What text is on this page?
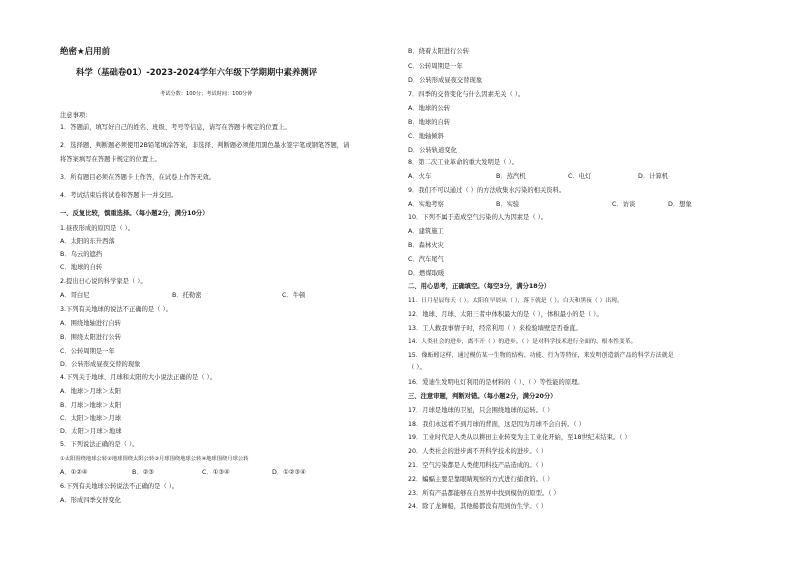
绝密★启用前
科学（基础卷01）-2023-2024学年六年级下学期期中素养测评
考试分数：100分；考试时间：100分钟
注意事项：
1．答题前，填写好自己的姓名、班级、考号等信息，请写在答题卡规定的位置上。
2．选择题、判断题必须使用2B铅笔填涂答案，非选择、判断题必须使用黑色墨水签字笔或钢笔答题，请
将答案填写在答题卡规定的位置上。
3．所有题目必须在答题卡上作答，在试卷上作答无效。
4．考试结束后将试卷和答题卡一并交回。
一、反复比较，慎重选择。（每小题2分，满分10分）
1.昼夜形成的原因是（ ）。
A．太阳的东升西落
B．乌云的遮挡
C．地球的自转
2.提出日心说的科学家是（ ）。
A．哥白尼	B．托勒密	C．牛顿
3.下列有关地球的说法不正确的是（ ）。
A．围绕地轴进行自转
B．围绕太阳进行公转
C．公转周期是一年
D．公转形成昼夜交替的现象
4.下列关于地球、月球和太阳的大小说法正确的是（ ）。
A．地球＞月球＞太阳
B．月球＞地球＞太阳
C．太阳＞地球＞月球
D．太阳＞月球＞地球
5．下列说法正确的是（ ）。
①太阳围绕地球公转②地球围绕太阳公转③月球围绕地球公转④地球围绕月球公转
A．①②④	B．②③	C．①③④	D．①②③④
6.下列有关地球公转说法不正确的是（ ）。
A．形成四季交替变化
B．绕着太阳进行公转
C．公转周期是一年
D．公转形成昼夜交替现象
7．四季的交替变化与什么因素无关（ ）。
A．地球的公转
B．地球的自转
C．地轴倾斜
D．公转轨道变化
8．第二次工业革命的重大发明是（ ）。
A．火车	B．蒸汽机	C．电灯	D．计算机
9．我们不可以通过（ ）的方法收集水污染的相关资料。
A．实地考察	B．实验	C．访谈	D．想象
10．下列不属于造成空气污染的人为因素是（ ）。
A．建筑施工
B．森林火灾
C．汽车尾气
D．燃煤取暖
二、用心思考，正确填空。（每空3分，满分18分）
11．日月星辰每天（ ）。太阳在早晨从（ ），落下就是（ ）。白天和黑夜（ ）出现。
12．地球、月球、太阳三者中体积最大的是（ ），体积最小的是（ ）。
13．工人救我事情子时，经常利用（ ）来检验墙壁是否垂直。
14．人类社会的进步，离不开（ ）的进步。（ ）是对科学技术进行全面的、根本性变革。
15．像蚯蚓这样，通过模仿某一生物的结构、功能、行为等特征，来发明创造新产品的科学方法就是
（ ）。
16．爱迪生发明电灯利用的是材料的（ ）、（ ）等性能的原理。
三、注意审题，判断对错。（每小题2分，满分20分）
17．月球是地球的卫星，只会围绕地球的运转。（ ）
18．我们永远看不到月球的背面，这是因为月球不会自转。（ ）
19．工业时代是人类从以耕田主业转变为主工业化开始，至18世纪末结束。（ ）
20．人类社会的进步离不开科学技术的进步。（ ）
21．空气污染都是人类使用科技产品造成的。（ ）
22．蝙蝠主要是靠眼睛观察的方式进行捕食的。（ ）
23．所有产品都能够在自然界中找到模仿的原型。（ ）
24．除了龙舞船，其他船都没有用到仿生学。（ ）
